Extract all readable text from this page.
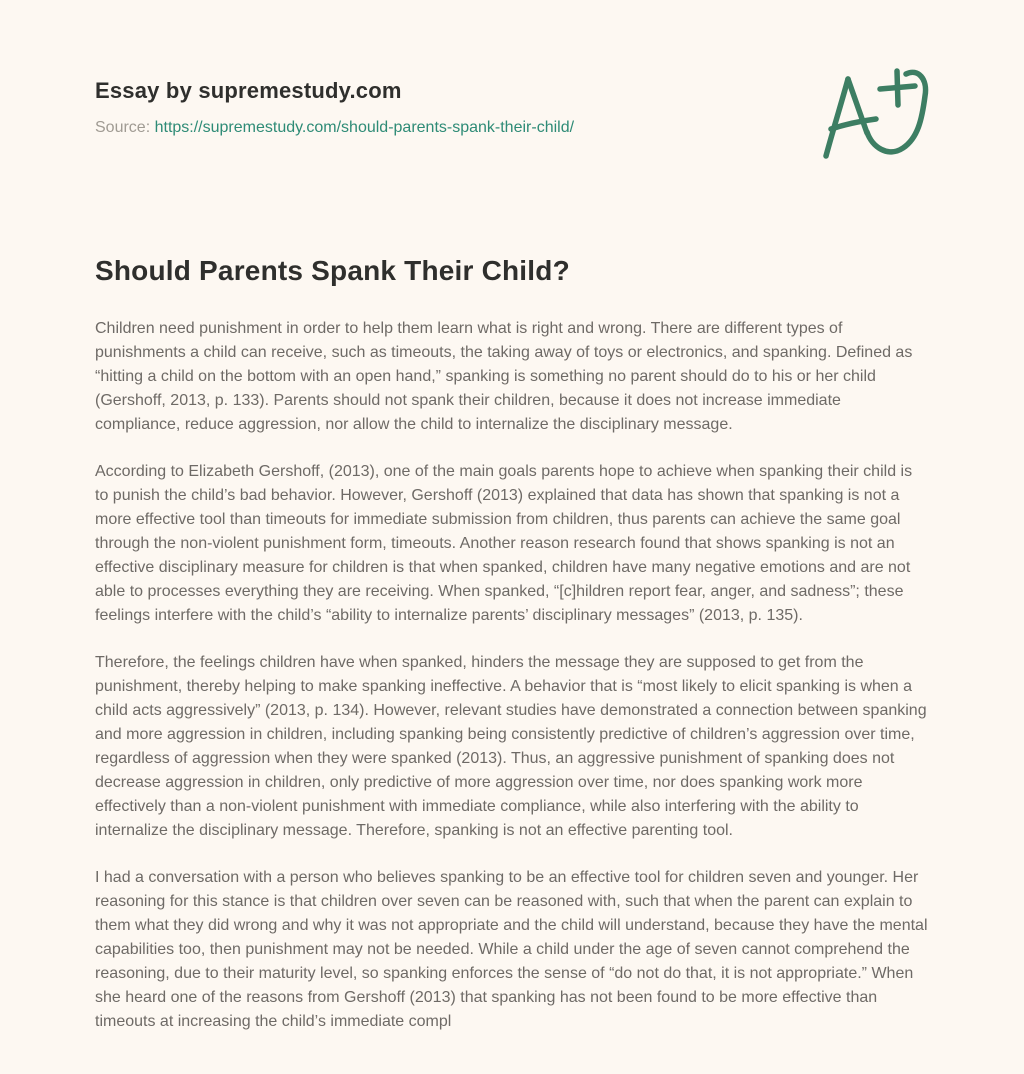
Essay by supremestudy.com
Source: https://supremestudy.com/should-parents-spank-their-child/
Should Parents Spank Their Child?

Children need punishment in order to help them learn what is right and wrong. There are different types of punishments a child can receive, such as timeouts, the taking away of toys or electronics, and spanking. Defined as “hitting a child on the bottom with an open hand,” spanking is something no parent should do to his or her child (Gershoff, 2013, p. 133). Parents should not spank their children, because it does not increase immediate compliance, reduce aggression, nor allow the child to internalize the disciplinary message.

According to Elizabeth Gershoff, (2013), one of the main goals parents hope to achieve when spanking their child is to punish the child’s bad behavior. However, Gershoff (2013) explained that data has shown that spanking is not a more effective tool than timeouts for immediate submission from children, thus parents can achieve the same goal through the non-violent punishment form, timeouts. Another reason research found that shows spanking is not an effective disciplinary measure for children is that when spanked, children have many negative emotions and are not able to processes everything they are receiving. When spanked, “[c]hildren report fear, anger, and sadness”; these feelings interfere with the child’s “ability to internalize parents’ disciplinary messages” (2013, p. 135).

Therefore, the feelings children have when spanked, hinders the message they are supposed to get from the punishment, thereby helping to make spanking ineffective. A behavior that is “most likely to elicit spanking is when a child acts aggressively” (2013, p. 134). However, relevant studies have demonstrated a connection between spanking and more aggression in children, including spanking being consistently predictive of children’s aggression over time, regardless of aggression when they were spanked (2013). Thus, an aggressive punishment of spanking does not decrease aggression in children, only predictive of more aggression over time, nor does spanking work more effectively than a non-violent punishment with immediate compliance, while also interfering with the ability to internalize the disciplinary message. Therefore, spanking is not an effective parenting tool.

I had a conversation with a person who believes spanking to be an effective tool for children seven and younger. Her reasoning for this stance is that children over seven can be reasoned with, such that when the parent can explain to them what they did wrong and why it was not appropriate and the child will understand, because they have the mental capabilities too, then punishment may not be needed. While a child under the age of seven cannot comprehend the reasoning, due to their maturity level, so spanking enforces the sense of “do not do that, it is not appropriate.” When she heard one of the reasons from Gershoff (2013) that spanking has not been found to be more effective than timeouts at increasing the child’s immediate compl
